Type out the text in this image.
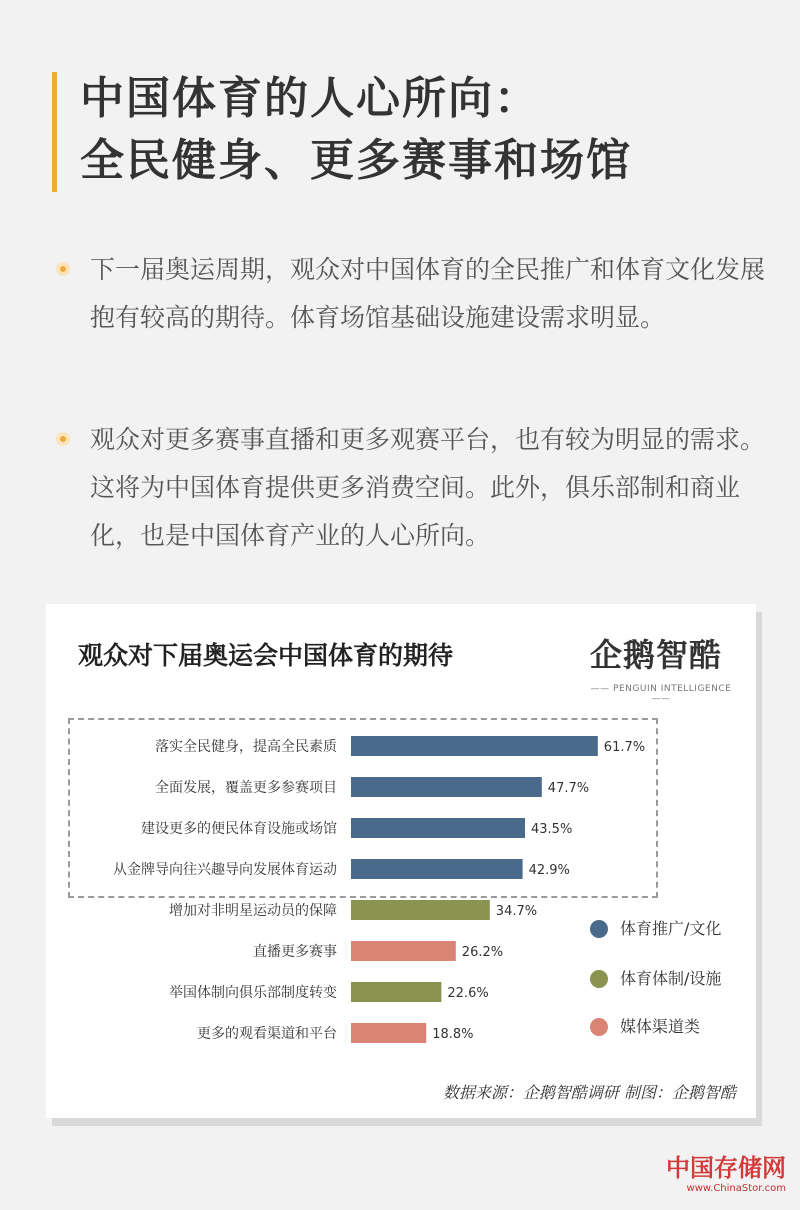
中国体育的人心所向：
全民健身、更多赛事和场馆
下一届奥运周期，观众对中国体育的全民推广和体育文化发展抱有较高的期待。体育场馆基础设施建设需求明显。
观众对更多赛事直播和更多观赛平台，也有较为明显的需求。这将为中国体育提供更多消费空间。此外，俱乐部制和商业化，也是中国体育产业的人心所向。
观众对下届奥运会中国体育的期待	企鹅智酷
—— PENGUIN INTELLIGENCE ——
落实全民健身，提高全民素质	61.7%
全面发展，覆盖更多参赛项目	47.7%
建设更多的便民体育设施或场馆	43.5%
从金牌导向往兴趣导向发展体育运动	42.9%
增加对非明星运动员的保障	34.7%
直播更多赛事	26.2%
举国体制向俱乐部制度转变	22.6%
更多的观看渠道和平台	18.8%
体育推广/文化
体育体制/设施
媒体渠道类
数据来源：企鹅智酷调研 制图：企鹅智酷
中国存储网
www.ChinaStor.com
